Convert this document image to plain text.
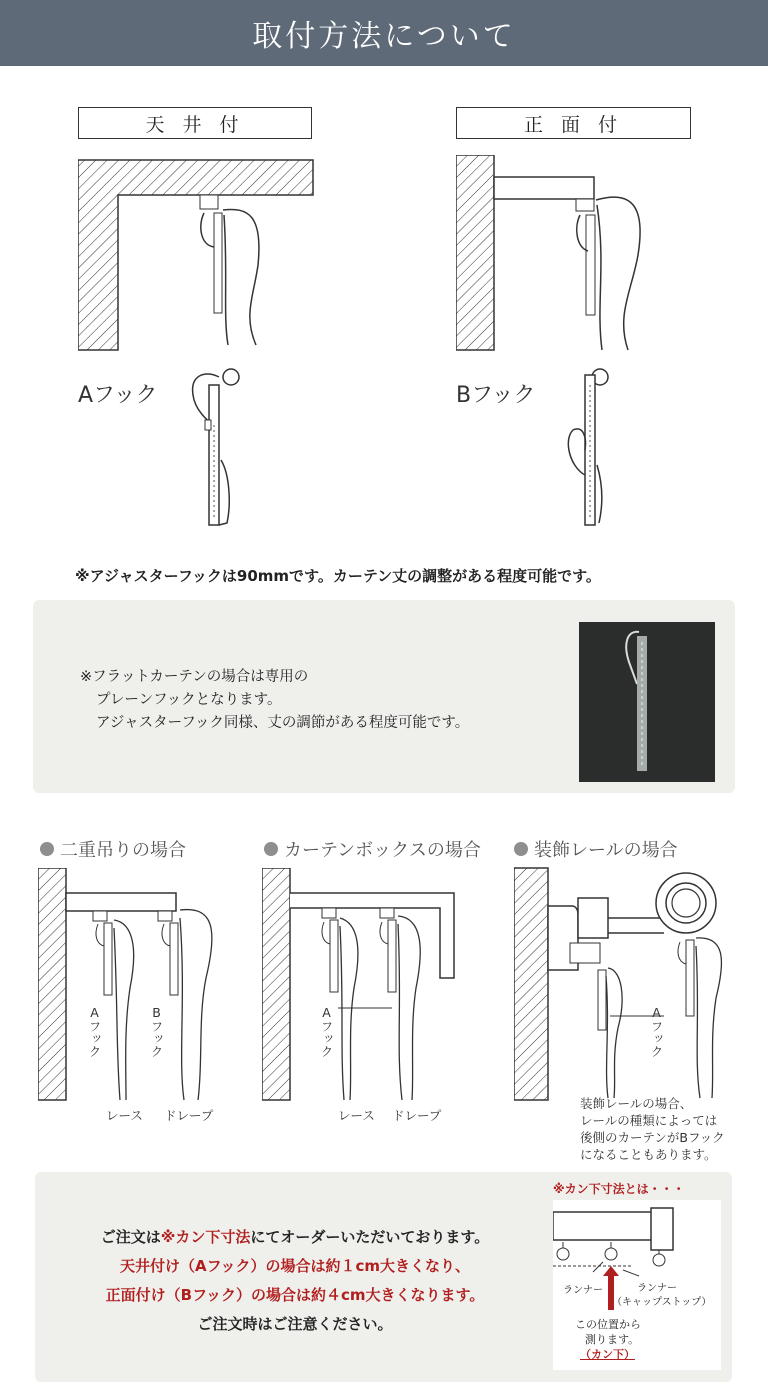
取付方法について
天 井 付	正 面 付
Aフック	Bフック
※アジャスターフックは90mmです。カーテン丈の調整がある程度可能です。
※フラットカーテンの場合は専用の
プレーンフックとなります。
アジャスターフック同様、丈の調節がある程度可能です。
二重吊りの場合	カーテンボックスの場合	装飾レールの場合
Aフック	Bフック
レース ドレープ
Aフック
レース ドレープ
Aフック
装飾レールの場合、
レールの種類によっては
後側のカーテンがBフック
になることもあります。
ご注文は※カン下寸法にてオーダーいただいております。
天井付け（Aフック）の場合は約１cm大きくなり、
正面付け（Bフック）の場合は約４cm大きくなります。
ご注文時はご注意ください。
※カン下寸法とは・・・
ランナー	ランナー
（キャップストップ）
この位置から
測ります。
（カン下）
